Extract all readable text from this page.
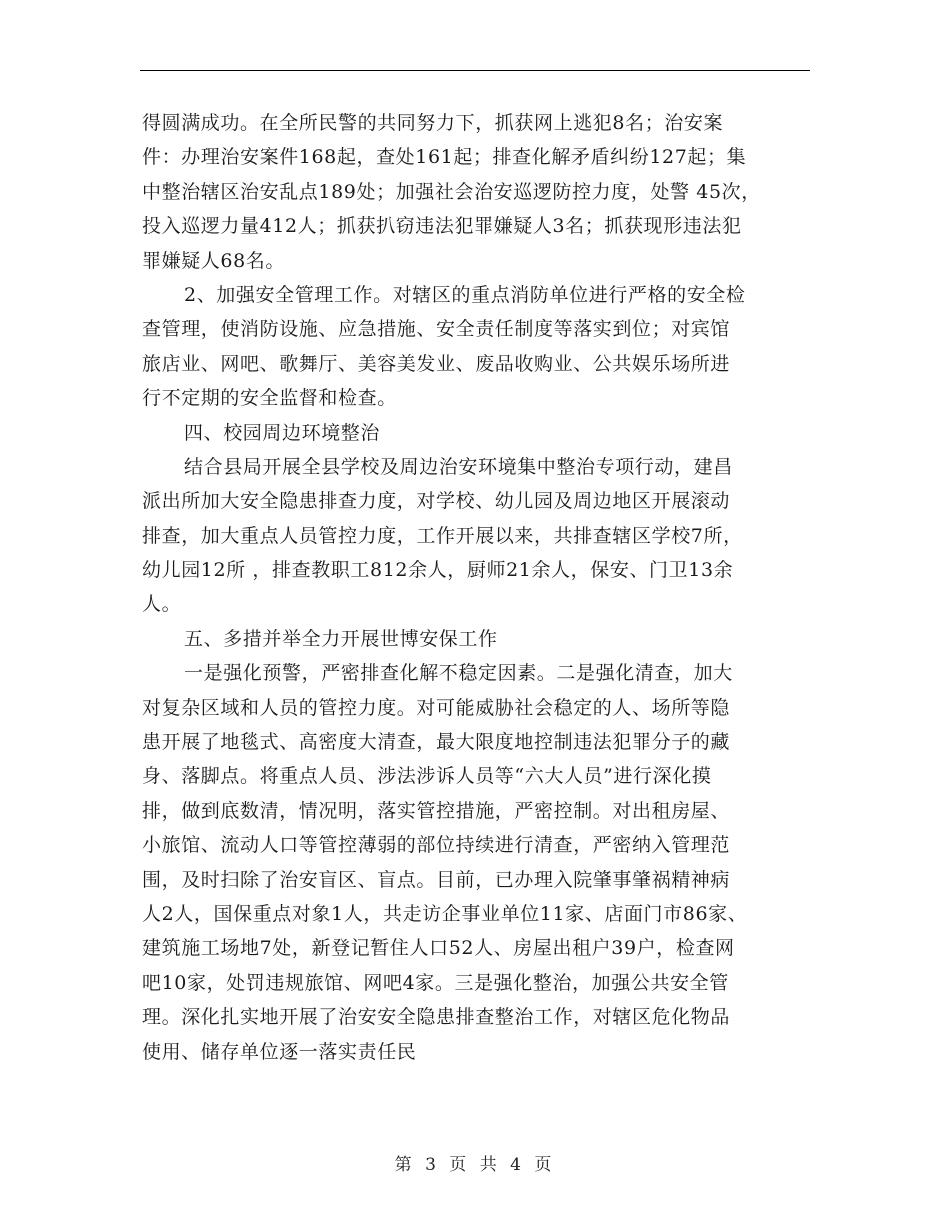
得圆满成功。在全所民警的共同努力下，抓获网上逃犯8名；治安案
件：办理治安案件168起，查处161起；排查化解矛盾纠纷127起；集
中整治辖区治安乱点189处；加强社会治安巡逻防控力度，处警 45次，
投入巡逻力量412人；抓获扒窃违法犯罪嫌疑人3名；抓获现形违法犯
罪嫌疑人68名。
2、加强安全管理工作。对辖区的重点消防单位进行严格的安全检
查管理，使消防设施、应急措施、安全责任制度等落实到位；对宾馆
旅店业、网吧、歌舞厅、美容美发业、废品收购业、公共娱乐场所进
行不定期的安全监督和检查。
四、校园周边环境整治
结合县局开展全县学校及周边治安环境集中整治专项行动，建昌
派出所加大安全隐患排查力度，对学校、幼儿园及周边地区开展滚动
排查，加大重点人员管控力度，工作开展以来，共排查辖区学校7所，
幼儿园12所 ，排查教职工812余人，厨师21余人，保安、门卫13余
人。
五、多措并举全力开展世博安保工作
一是强化预警，严密排查化解不稳定因素。二是强化清查，加大
对复杂区域和人员的管控力度。对可能威胁社会稳定的人、场所等隐
患开展了地毯式、高密度大清查，最大限度地控制违法犯罪分子的藏
身、落脚点。将重点人员、涉法涉诉人员等“六大人员”进行深化摸
排，做到底数清，情况明，落实管控措施，严密控制。对出租房屋、
小旅馆、流动人口等管控薄弱的部位持续进行清查，严密纳入管理范
围，及时扫除了治安盲区、盲点。目前，已办理入院肇事肇祸精神病
人2人，国保重点对象1人，共走访企事业单位11家、店面门市86家、
建筑施工场地7处，新登记暂住人口52人、房屋出租户39户，检查网
吧10家，处罚违规旅馆、网吧4家。三是强化整治，加强公共安全管
理。深化扎实地开展了治安安全隐患排查整治工作，对辖区危化物品
使用、储存单位逐一落实责任民
第 3 页 共 4 页
